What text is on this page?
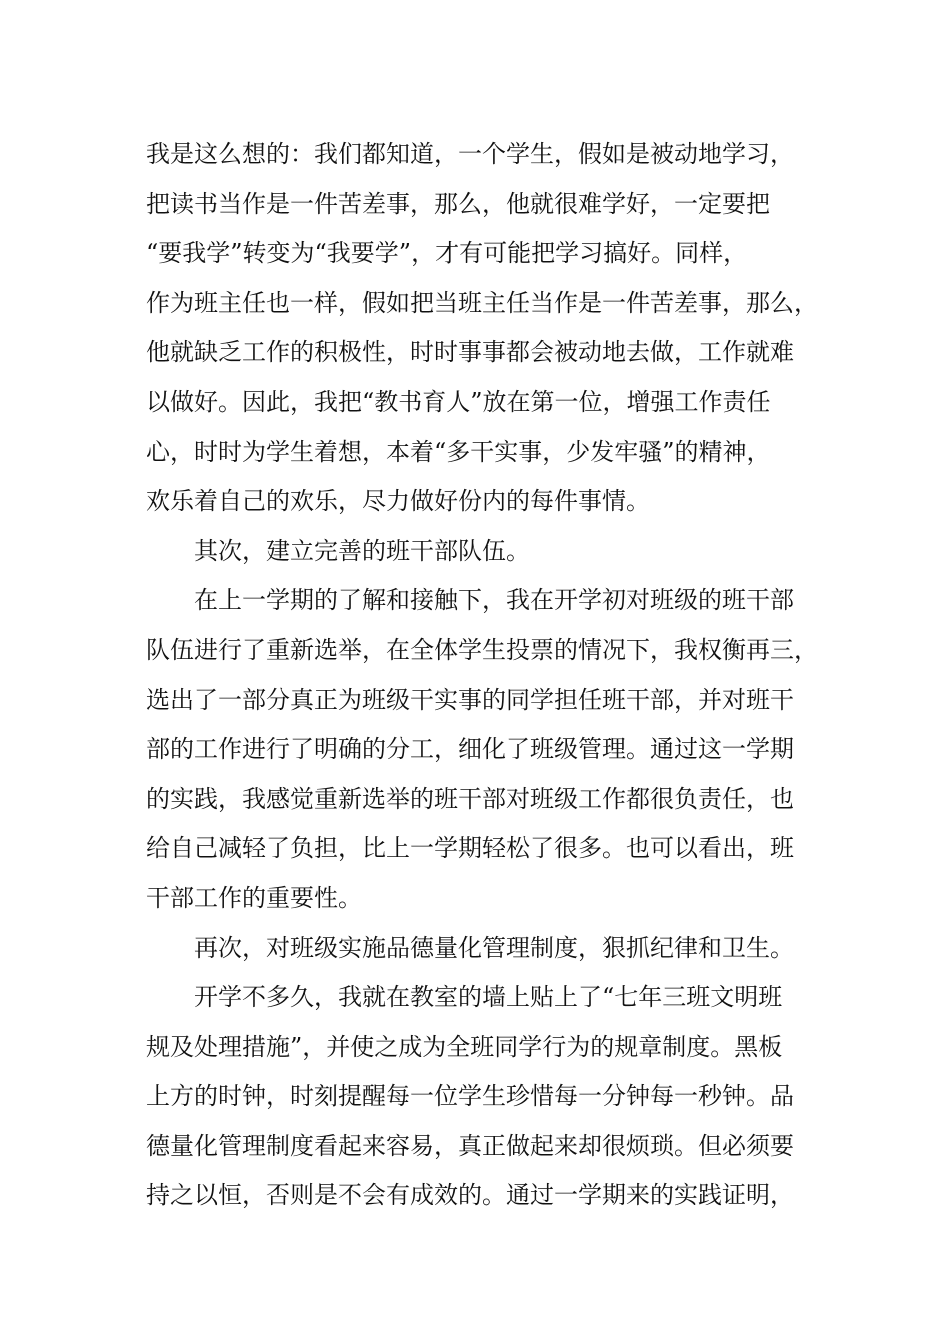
我是这么想的：我们都知道，一个学生，假如是被动地学习，
把读书当作是一件苦差事，那么，他就很难学好，一定要把
“要我学”转变为“我要学”，才有可能把学习搞好。同样，
作为班主任也一样，假如把当班主任当作是一件苦差事，那么，
他就缺乏工作的积极性，时时事事都会被动地去做，工作就难
以做好。因此，我把“教书育人”放在第一位，增强工作责任
心，时时为学生着想，本着“多干实事，少发牢骚”的精神，
欢乐着自己的欢乐，尽力做好份内的每件事情。
其次，建立完善的班干部队伍。
在上一学期的了解和接触下，我在开学初对班级的班干部
队伍进行了重新选举，在全体学生投票的情况下，我权衡再三，
选出了一部分真正为班级干实事的同学担任班干部，并对班干
部的工作进行了明确的分工，细化了班级管理。通过这一学期
的实践，我感觉重新选举的班干部对班级工作都很负责任，也
给自己减轻了负担，比上一学期轻松了很多。也可以看出，班
干部工作的重要性。
再次，对班级实施品德量化管理制度，狠抓纪律和卫生。
开学不多久，我就在教室的墙上贴上了“七年三班文明班
规及处理措施”，并使之成为全班同学行为的规章制度。黑板
上方的时钟，时刻提醒每一位学生珍惜每一分钟每一秒钟。品
德量化管理制度看起来容易，真正做起来却很烦琐。但必须要
持之以恒，否则是不会有成效的。通过一学期来的实践证明，
